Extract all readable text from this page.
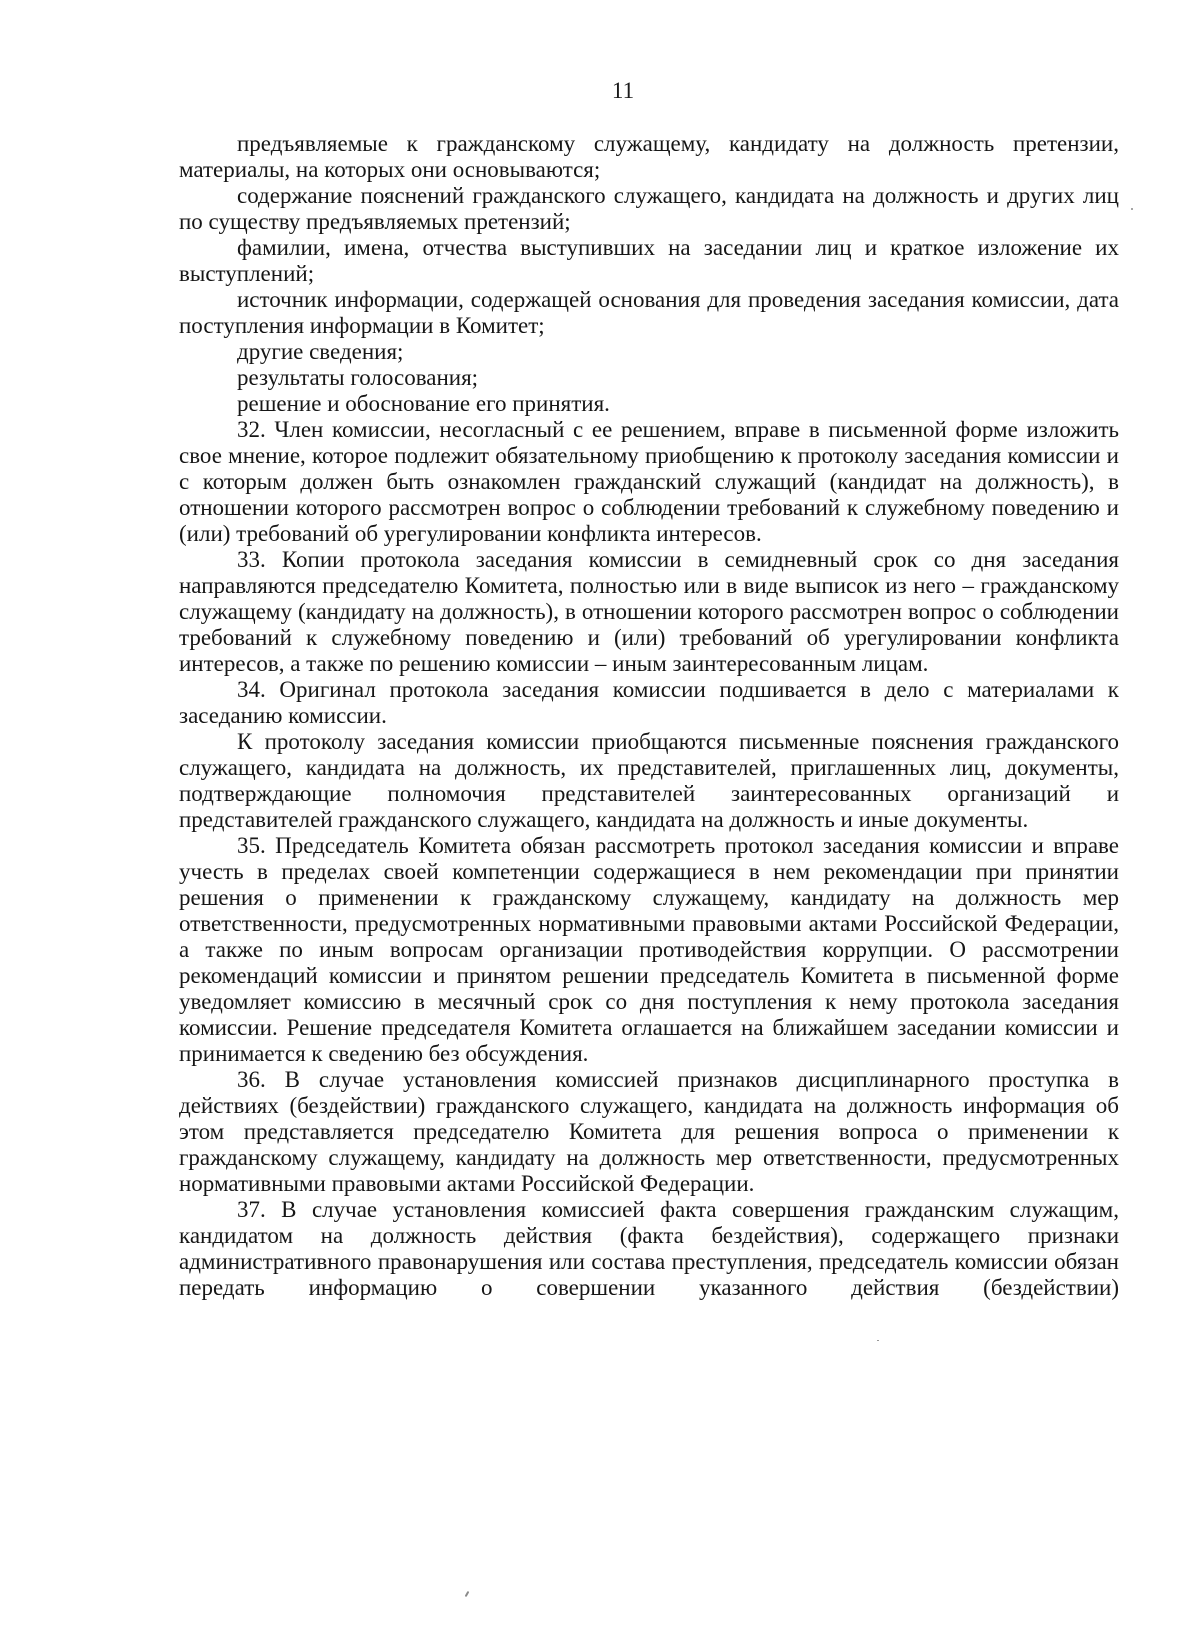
11

предъявляемые к гражданскому служащему, кандидату на должность претензии, материалы, на которых они основываются;

содержание пояснений гражданского служащего, кандидата на должность и других лиц по существу предъявляемых претензий;

фамилии, имена, отчества выступивших на заседании лиц и краткое изложение их выступлений;

источник информации, содержащей основания для проведения заседания комиссии, дата поступления информации в Комитет;

другие сведения;

результаты голосования;

решение и обоснование его принятия.

32. Член комиссии, несогласный с ее решением, вправе в письменной форме изложить свое мнение, которое подлежит обязательному приобщению к протоколу заседания комиссии и с которым должен быть ознакомлен гражданский служащий (кандидат на должность), в отношении которого рассмотрен вопрос о соблюдении требований к служебному поведению и (или) требований об урегулировании конфликта интересов.

33. Копии протокола заседания комиссии в семидневный срок со дня заседания направляются председателю Комитета, полностью или в виде выписок из него – гражданскому служащему (кандидату на должность), в отношении которого рассмотрен вопрос о соблюдении требований к служебному поведению и (или) требований об урегулировании конфликта интересов, а также по решению комиссии – иным заинтересованным лицам.

34. Оригинал протокола заседания комиссии подшивается в дело с материалами к заседанию комиссии.

К протоколу заседания комиссии приобщаются письменные пояснения гражданского служащего, кандидата на должность, их представителей, приглашенных лиц, документы, подтверждающие полномочия представителей заинтересованных организаций и представителей гражданского служащего, кандидата на должность и иные документы.

35. Председатель Комитета обязан рассмотреть протокол заседания комиссии и вправе учесть в пределах своей компетенции содержащиеся в нем рекомендации при принятии решения о применении к гражданскому служащему, кандидату на должность мер ответственности, предусмотренных нормативными правовыми актами Российской Федерации, а также по иным вопросам организации противодействия коррупции. О рассмотрении рекомендаций комиссии и принятом решении председатель Комитета в письменной форме уведомляет комиссию в месячный срок со дня поступления к нему протокола заседания комиссии. Решение председателя Комитета оглашается на ближайшем заседании комиссии и принимается к сведению без обсуждения.

36. В случае установления комиссией признаков дисциплинарного проступка в действиях (бездействии) гражданского служащего, кандидата на должность информация об этом представляется председателю Комитета для решения вопроса о применении к гражданскому служащему, кандидату на должность мер ответственности, предусмотренных нормативными правовыми актами Российской Федерации.

37. В случае установления комиссией факта совершения гражданским служащим, кандидатом на должность действия (факта бездействия), содержащего признаки административного правонарушения или состава преступления, председатель комиссии обязан передать информацию о совершении указанного действия (бездействии)
